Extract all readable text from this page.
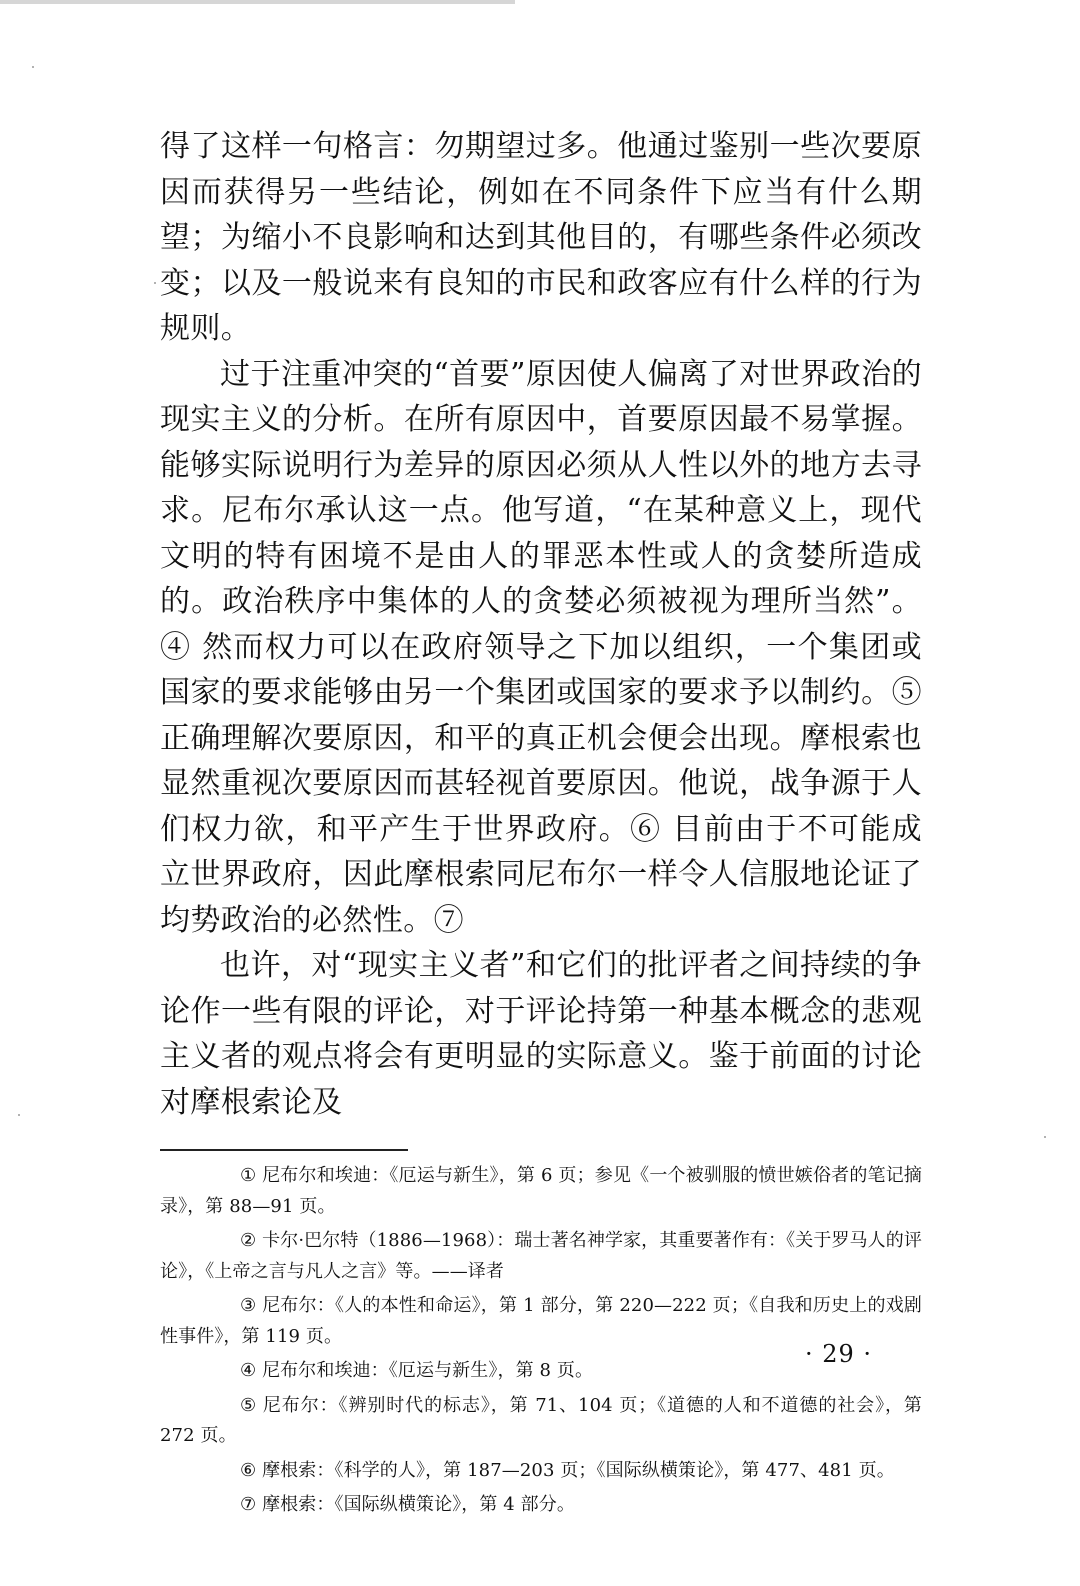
得了这样一句格言：勿期望过多。他通过鉴别一些次要原因而获得另一些结论，例如在不同条件下应当有什么期望；为缩小不良影响和达到其他目的，有哪些条件必须改变；以及一般说来有良知的市民和政客应有什么样的行为规则。

过于注重冲突的“首要”原因使人偏离了对世界政治的现实主义的分析。在所有原因中，首要原因最不易掌握。能够实际说明行为差异的原因必须从人性以外的地方去寻求。尼布尔承认这一点。他写道，“在某种意义上，现代文明的特有困境不是由人的罪恶本性或人的贪婪所造成的。政治秩序中集体的人的贪婪必须被视为理所当然”。④ 然而权力可以在政府领导之下加以组织，一个集团或国家的要求能够由另一个集团或国家的要求予以制约。⑤ 正确理解次要原因，和平的真正机会便会出现。摩根索也显然重视次要原因而甚轻视首要原因。他说，战争源于人们权力欲，和平产生于世界政府。⑥ 目前由于不可能成立世界政府，因此摩根索同尼布尔一样令人信服地论证了均势政治的必然性。⑦

也许，对“现实主义者”和它们的批评者之间持续的争论作一些有限的评论，对于评论持第一种基本概念的悲观主义者的观点将会有更明显的实际意义。鉴于前面的讨论对摩根索论及

① 尼布尔和埃迪：《厄运与新生》，第 6 页；参见《一个被驯服的愤世嫉俗者的笔记摘录》，第 88—91 页。

② 卡尔·巴尔特（1886—1968）：瑞士著名神学家，其重要著作有：《关于罗马人的评论》，《上帝之言与凡人之言》等。——译者

③ 尼布尔：《人的本性和命运》，第 1 部分，第 220—222 页；《自我和历史上的戏剧性事件》，第 119 页。

④ 尼布尔和埃迪：《厄运与新生》，第 8 页。

⑤ 尼布尔：《辨别时代的标志》，第 71、104 页；《道德的人和不道德的社会》，第 272 页。

⑥ 摩根索：《科学的人》，第 187—203 页；《国际纵横策论》，第 477、481 页。

⑦ 摩根索：《国际纵横策论》，第 4 部分。

· 29 ·
